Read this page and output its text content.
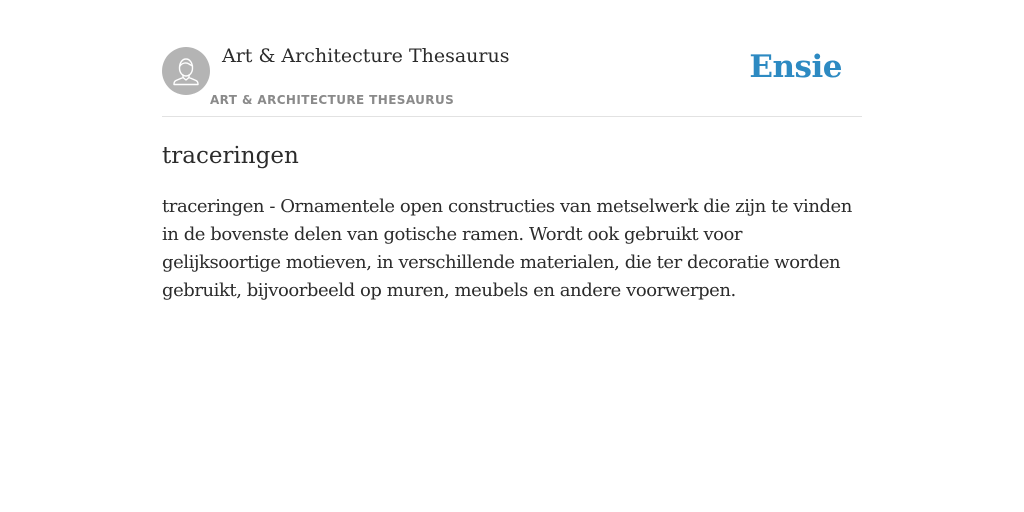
Art & Architecture Thesaurus
ART & ARCHITECTURE THESAURUS
Ensie
traceringen

traceringen - Ornamentele open constructies van metselwerk die zijn te vinden in de bovenste delen van gotische ramen. Wordt ook gebruikt voor gelijksoortige motieven, in verschillende materialen, die ter decoratie worden gebruikt, bijvoorbeeld op muren, meubels en andere voorwerpen.
